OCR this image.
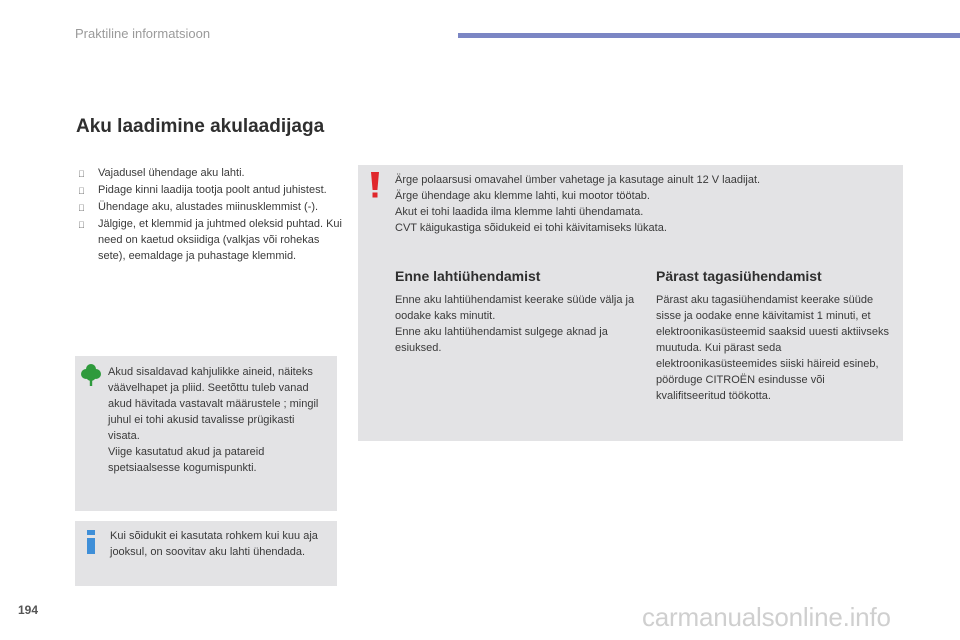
Praktiline informatsioon
Aku laadimine akulaadijaga
Vajadusel ühendage aku lahti.
Pidage kinni laadija tootja poolt antud juhistest.
Ühendage aku, alustades miinusklemmist (-).
Jälgige, et klemmid ja juhtmed oleksid puhtad. Kui need on kaetud oksiidiga (valkjas või rohekas sete), eemaldage ja puhastage klemmid.
Akud sisaldavad kahjulikke aineid, näiteks väävelhapet ja pliid. Seetõttu tuleb vanad akud hävitada vastavalt määrustele ; mingil juhul ei tohi akusid tavalisse prügikasti visata.
Viige kasutatud akud ja patareid spetsiaalsesse kogumispunkti.
Kui sõidukit ei kasutata rohkem kui kuu aja jooksul, on soovitav aku lahti ühendada.
Ärge polaarsusi omavahel ümber vahetage ja kasutage ainult 12 V laadijat.
Ärge ühendage aku klemme lahti, kui mootor töötab.
Akut ei tohi laadida ilma klemme lahti ühendamata.
CVT käigukastiga sõidukeid ei tohi käivitamiseks lükata.
Enne lahtiühendamist
Enne aku lahtiühendamist keerake süüde välja ja oodake kaks minutit.
Enne aku lahtiühendamist sulgege aknad ja esiuksed.
Pärast tagasiühendamist
Pärast aku tagasiühendamist keerake süüde sisse ja oodake enne käivitamist 1 minuti, et elektroonikasüsteemid saaksid uuesti aktiivseks muutuda. Kui pärast seda elektroonikasüsteemides siiski häireid esineb, pöörduge CITROËN esindusse või kvalifitseeritud töökotta.
194	carmanualsonline.info
